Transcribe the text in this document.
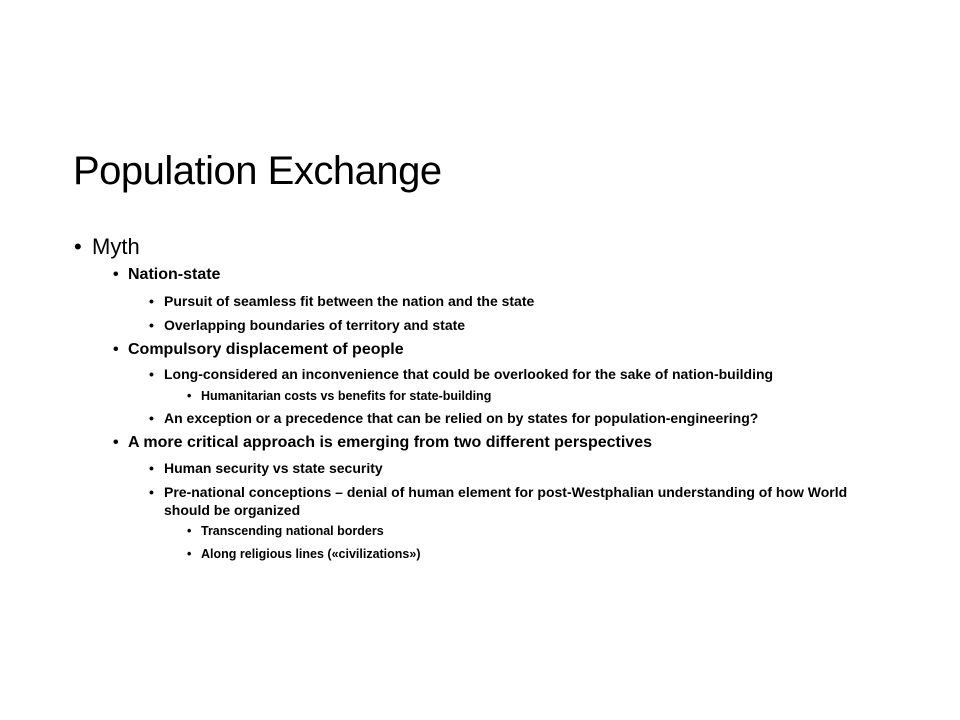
Population Exchange
• Myth
• Nation-state
• Pursuit of seamless fit between the nation and the state
• Overlapping boundaries of territory and state
• Compulsory displacement of people
• Long-considered an inconvenience that could be overlooked for the sake of nation-building
• Humanitarian costs vs benefits for state-building
• An exception or a precedence that can be relied on by states for population-engineering?
• A more critical approach is emerging from two different perspectives
• Human security vs state security
• Pre-national conceptions – denial of human element for post-Westphalian understanding of how World should be organized
• Transcending national borders
• Along religious lines («civilizations»)
